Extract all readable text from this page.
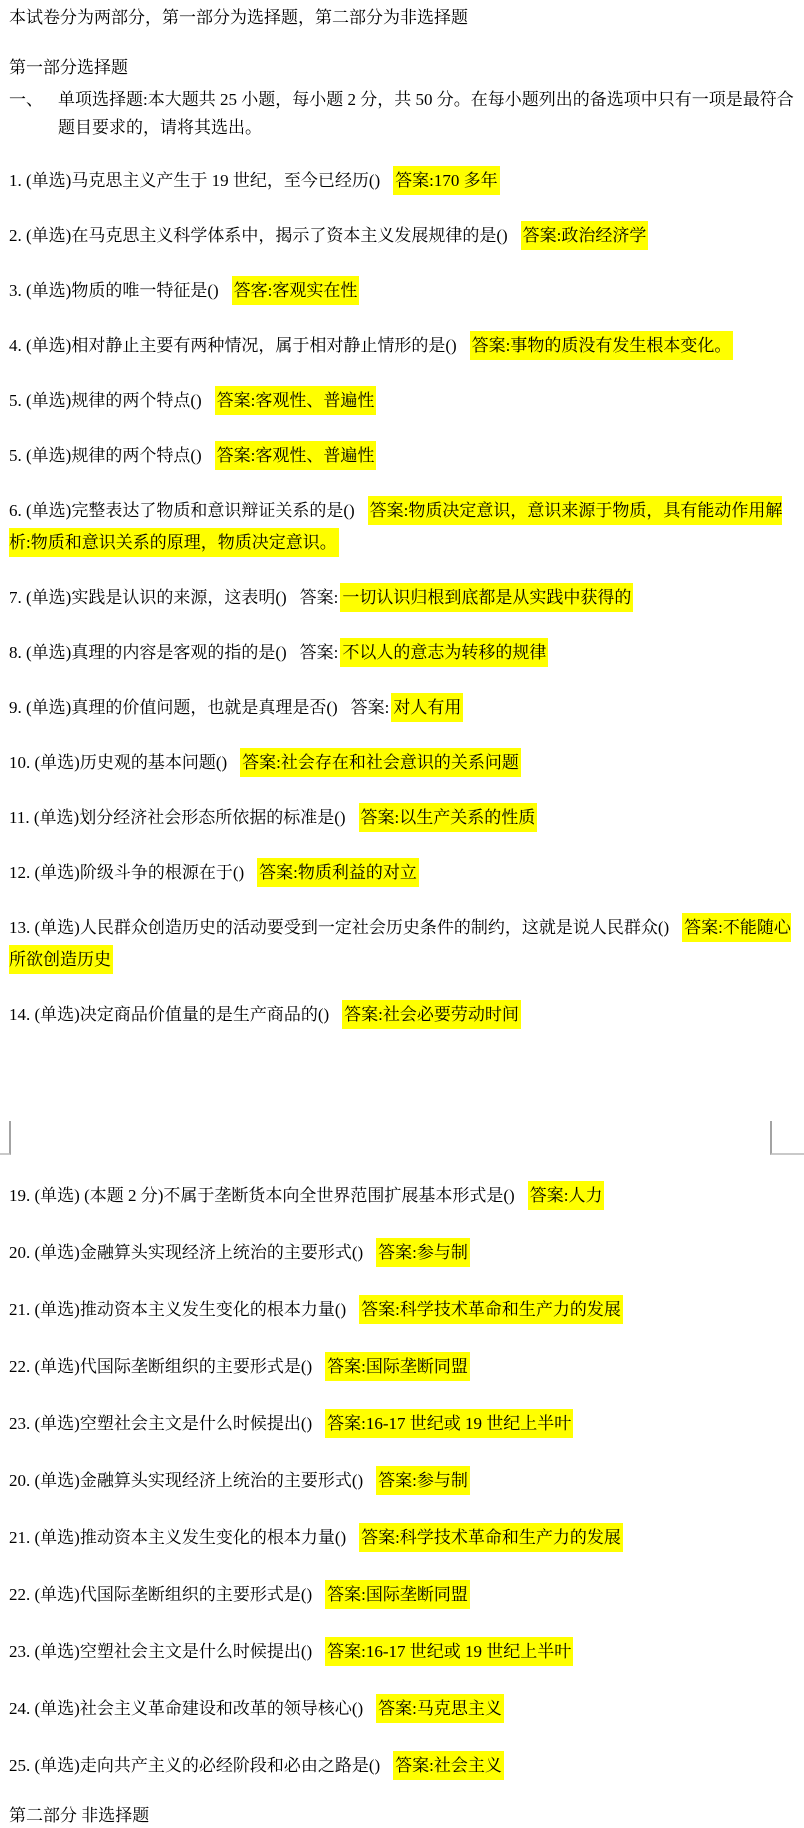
本试卷分为两部分，第一部分为选择题，第二部分为非选择题

第一部分选择题
一、 单项选择题:本大题共 25 小题，每小题 2 分，共 50 分。在每小题列出的备选项中只有一项是最符合题目要求的，请将其选出。

1. (单选)马克思主义产生于 19 世纪，至今已经历() 答案:170 多年

2. (单选)在马克思主义科学体系中，揭示了资本主义发展规律的是() 答案:政治经济学

3. (单选)物质的唯一特征是() 答客:客观实在性

4. (单选)相对静止主要有两种情况，属于相对静止情形的是() 答案:事物的质没有发生根本变化。

5. (单选)规律的两个特点() 答案:客观性、普遍性

5. (单选)规律的两个特点() 答案:客观性、普遍性

6. (单选)完整表达了物质和意识辩证关系的是() 答案:物质决定意识，意识来源于物质，具有能动作用解析:物质和意识关系的原理，物质决定意识。

7. (单选)实践是认识的来源，这表明() 答案: 一切认识归根到底都是从实践中获得的

8. (单选)真理的内容是客观的指的是() 答案: 不以人的意志为转移的规律

9. (单选)真理的价值问题，也就是真理是否() 答案: 对人有用

10. (单选)历史观的基本问题() 答案:社会存在和社会意识的关系问题

11. (单选)划分经济社会形态所依据的标准是() 答案:以生产关系的性质

12. (单选)阶级斗争的根源在于() 答案:物质利益的对立

13. (单选)人民群众创造历史的活动要受到一定社会历史条件的制约，这就是说人民群众() 答案:不能随心所欲创造历史

14. (单选)决定商品价值量的是生产商品的() 答案:社会必要劳动时间

19. (单选) (本题 2 分)不属于垄断货本向全世界范围扩展基本形式是() 答案:人力

20. (单选)金融算头实现经济上统治的主要形式() 答案:参与制

21. (单选)推动资本主义发生变化的根本力量() 答案:科学技术革命和生产力的发展

22. (单选)代国际垄断组织的主要形式是() 答案:国际垄断同盟

23. (单选)空塑社会主文是什么时候提出() 答案:16-17 世纪或 19 世纪上半叶

20. (单选)金融算头实现经济上统治的主要形式() 答案:参与制

21. (单选)推动资本主义发生变化的根本力量() 答案:科学技术革命和生产力的发展

22. (单选)代国际垄断组织的主要形式是() 答案:国际垄断同盟

23. (单选)空塑社会主文是什么时候提出() 答案:16-17 世纪或 19 世纪上半叶

24. (单选)社会主义革命建设和改革的领导核心() 答案:马克思主义

25. (单选)走向共产主义的必经阶段和必由之路是() 答案:社会主义

第二部分 非选择题
